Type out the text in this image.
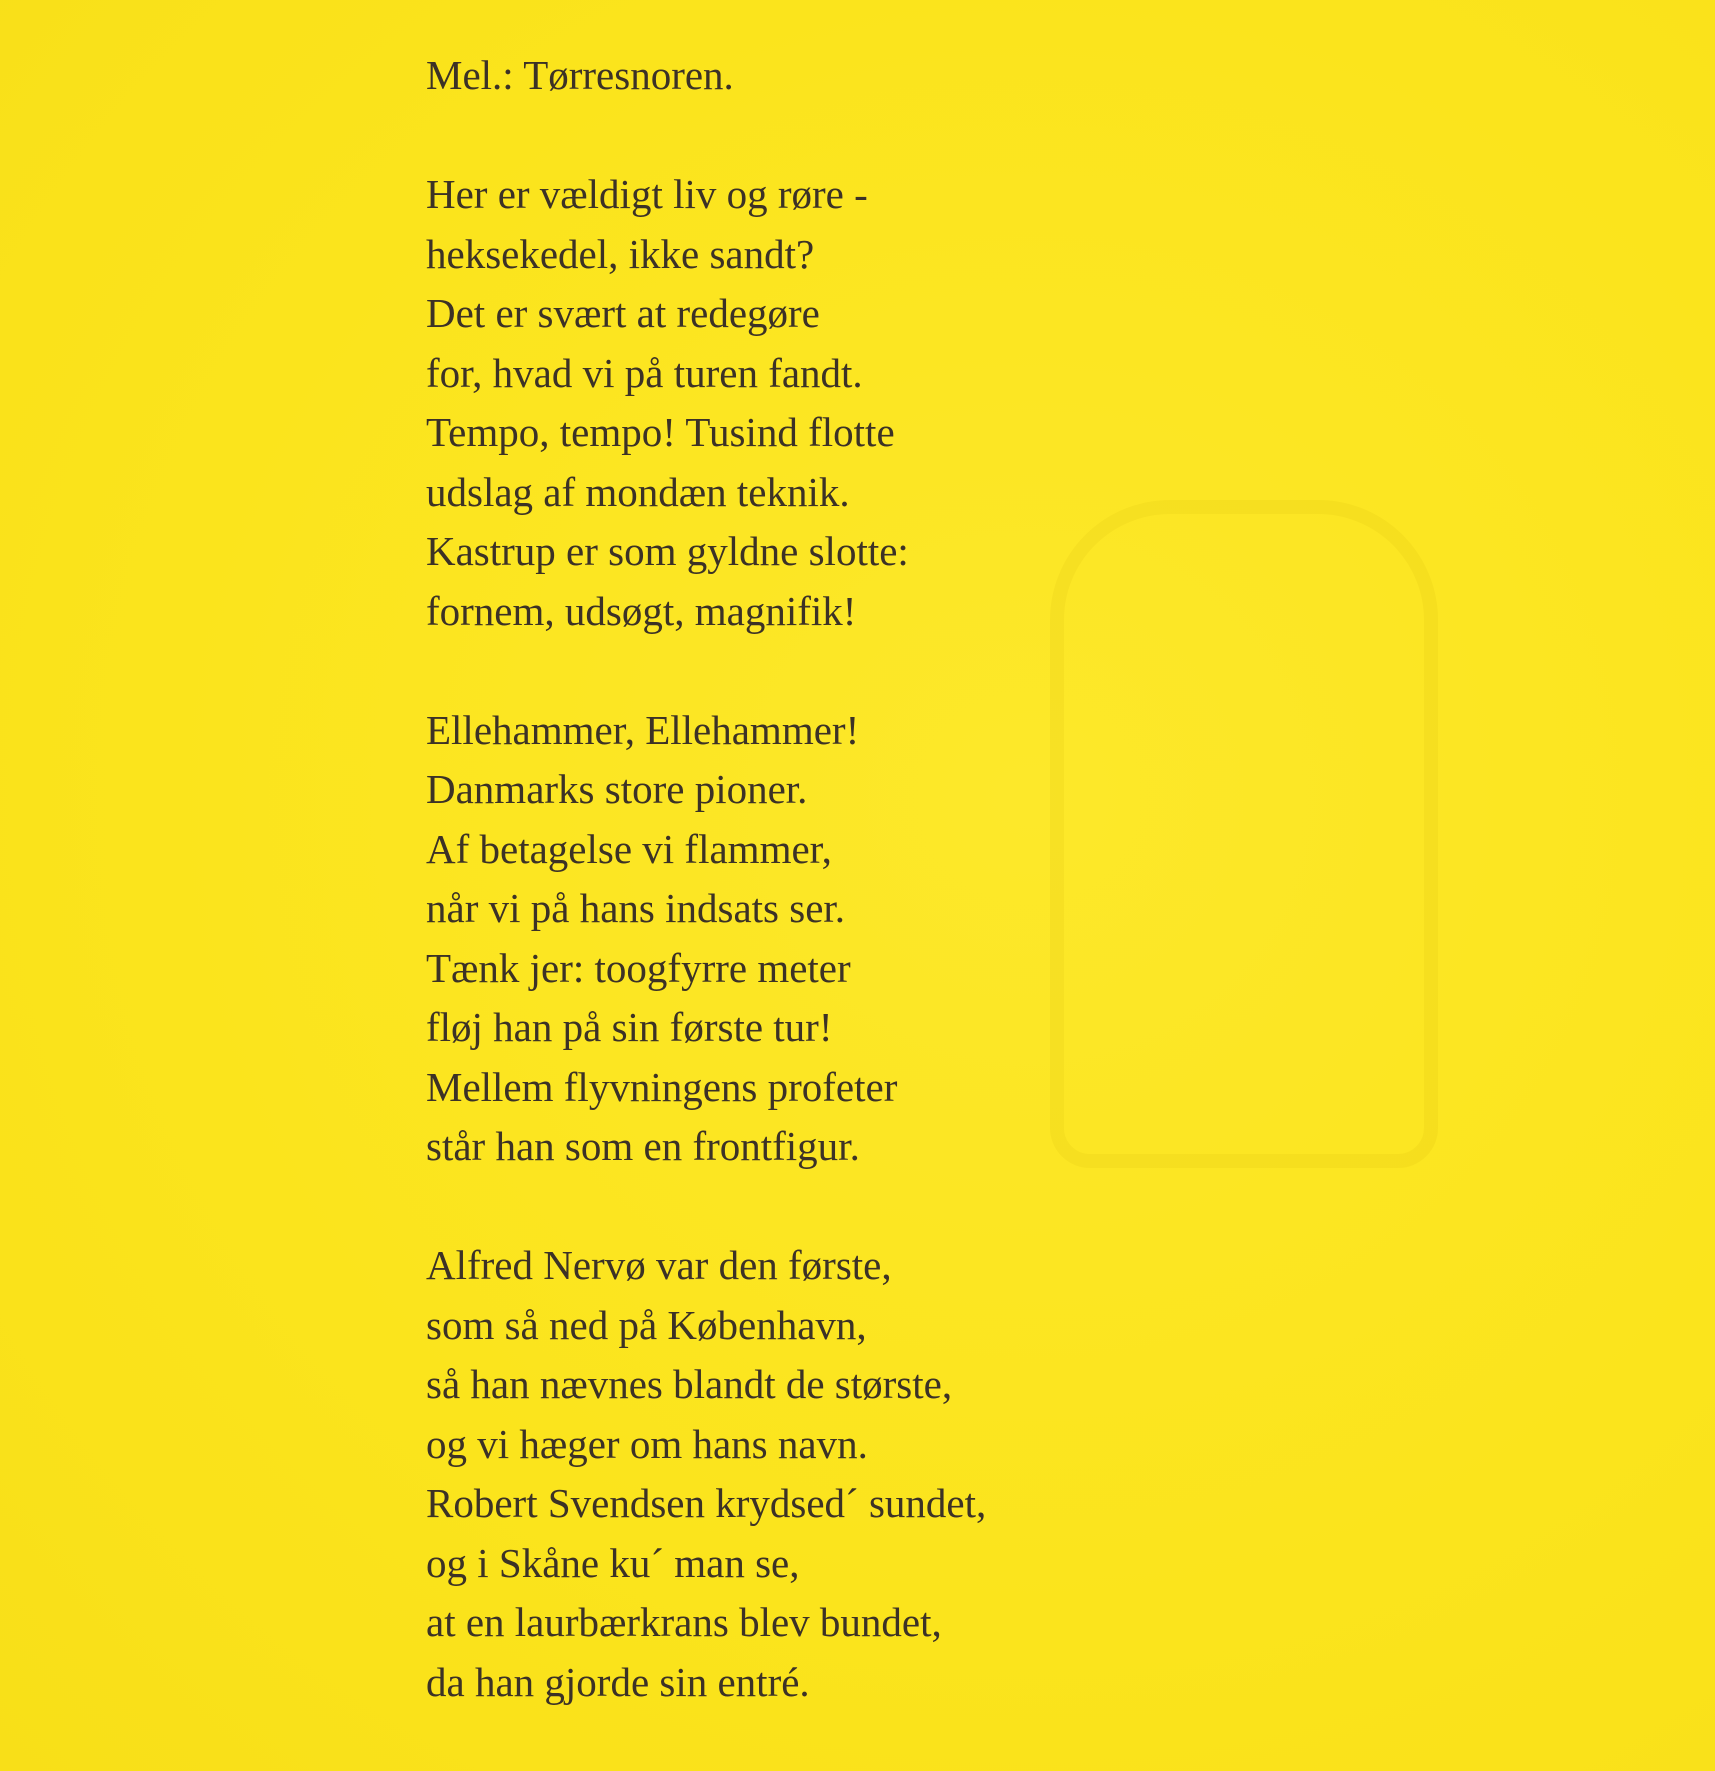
Mel.: Tørresnoren.
Her er vældigt liv og røre -
heksekedel, ikke sandt?
Det er svært at redegøre
for, hvad vi på turen fandt.
Tempo, tempo! Tusind flotte
udslag af mondæn teknik.
Kastrup er som gyldne slotte:
fornem, udsøgt, magnifik!
Ellehammer, Ellehammer!
Danmarks store pioner.
Af betagelse vi flammer,
når vi på hans indsats ser.
Tænk jer: toogfyrre meter
fløj han på sin første tur!
Mellem flyvningens profeter
står han som en frontfigur.
Alfred Nervø var den første,
som så ned på København,
så han nævnes blandt de største,
og vi hæger om hans navn.
Robert Svendsen krydsed´ sundet,
og i Skåne ku´ man se,
at en laurbærkrans blev bundet,
da han gjorde sin entré.
